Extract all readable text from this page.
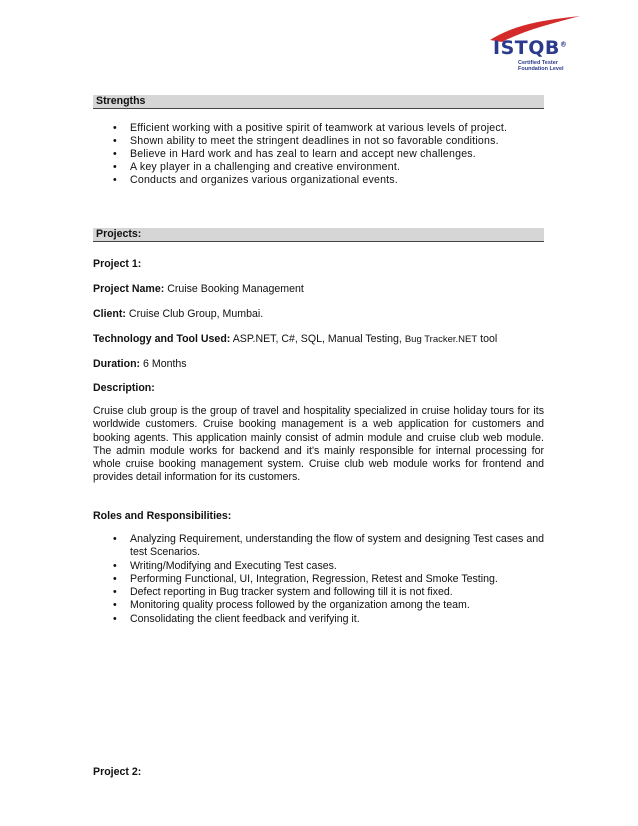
ISTQB®
Certified Tester
Foundation Level
Strengths
• Efficient working with a positive spirit of teamwork at various levels of project.
• Shown ability to meet the stringent deadlines in not so favorable conditions.
• Believe in Hard work and has zeal to learn and accept new challenges.
• A key player in a challenging and creative environment.
• Conducts and organizes various organizational events.
Projects:
Project 1:
Project Name: Cruise Booking Management
Client: Cruise Club Group, Mumbai.
Technology and Tool Used: ASP.NET, C#, SQL, Manual Testing, Bug Tracker.NET tool
Duration: 6 Months
Description:
Cruise club group is the group of travel and hospitality specialized in cruise holiday tours for its worldwide customers. Cruise booking management is a web application for customers and booking agents. This application mainly consist of admin module and cruise club web module. The admin module works for backend and it's mainly responsible for internal processing for whole cruise booking management system. Cruise club web module works for frontend and provides detail information for its customers.
Roles and Responsibilities:
• Analyzing Requirement, understanding the flow of system and designing Test cases and test Scenarios.
• Writing/Modifying and Executing Test cases.
• Performing Functional, UI, Integration, Regression, Retest and Smoke Testing.
• Defect reporting in Bug tracker system and following till it is not fixed.
• Monitoring quality process followed by the organization among the team.
• Consolidating the client feedback and verifying it.
Project 2:
